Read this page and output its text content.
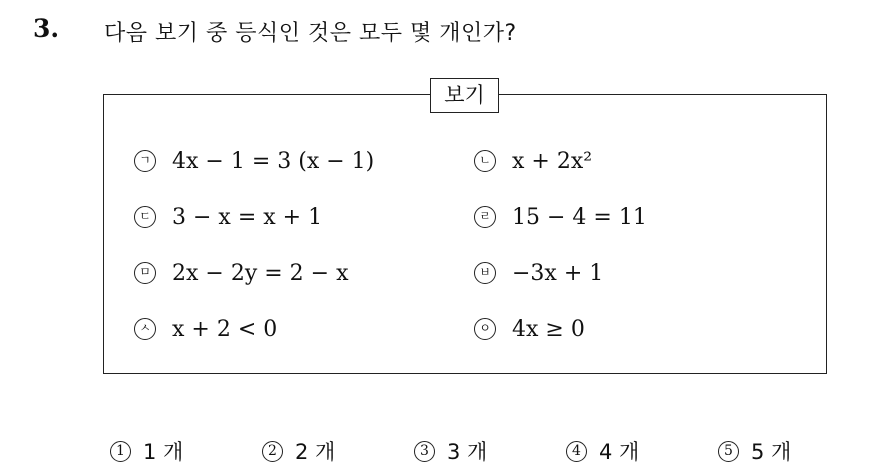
3. 다음 보기 중 등식인 것은 모두 몇 개인가?
보기
ㄱ 4x − 1 = 3 (x − 1)	ㄴ x + 2x²
ㄷ 3 − x = x + 1	ㄹ 15 − 4 = 11
ㅁ 2x − 2y = 2 − x	ㅂ −3x + 1
ㅅ x + 2 < 0	ㅇ 4x ≥ 0
1 1 개	2 2 개	3 3 개	4 4 개	5 5 개
